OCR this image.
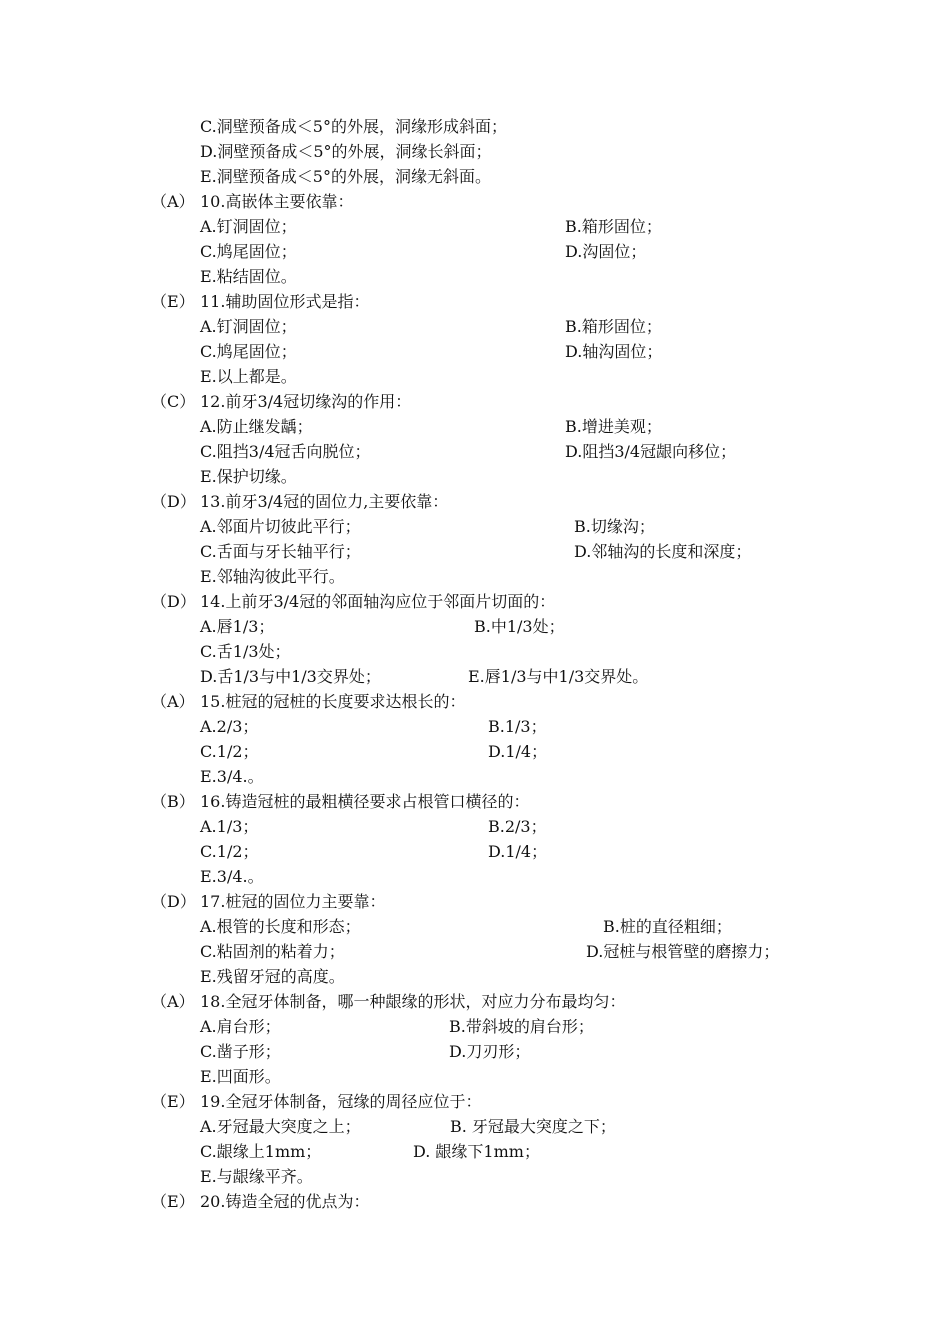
C.洞壁预备成＜5°的外展，洞缘形成斜面；
D.洞壁预备成＜5°的外展，洞缘长斜面；
E.洞壁预备成＜5°的外展，洞缘无斜面。
（A） 10.高嵌体主要依靠：
A.钉洞固位；	B.箱形固位；
C.鸠尾固位；	D.沟固位；
E.粘结固位。
（E） 11.辅助固位形式是指：
A.钉洞固位；	B.箱形固位；
C.鸠尾固位；	D.轴沟固位；
E.以上都是。
（C） 12.前牙3/4冠切缘沟的作用：
A.防止继发龋；	B.增进美观；
C.阻挡3/4冠舌向脱位；	D.阻挡3/4冠龈向移位；
E.保护切缘。
（D） 13.前牙3/4冠的固位力,主要依靠：
A.邻面片切彼此平行；	B.切缘沟；
C.舌面与牙长轴平行；	D.邻轴沟的长度和深度；
E.邻轴沟彼此平行。
（D） 14.上前牙3/4冠的邻面轴沟应位于邻面片切面的：
A.唇1/3；	B.中1/3处；
C.舌1/3处；
D.舌1/3与中1/3交界处；	E.唇1/3与中1/3交界处。
（A） 15.桩冠的冠桩的长度要求达根长的：
A.2/3；	B.1/3；
C.1/2；	D.1/4；
E.3/4.。
（B） 16.铸造冠桩的最粗横径要求占根管口横径的：
A.1/3；	B.2/3；
C.1/2；	D.1/4；
E.3/4.。
（D） 17.桩冠的固位力主要靠：
A.根管的长度和形态；	B.桩的直径粗细；
C.粘固剂的粘着力；	D.冠桩与根管壁的磨擦力；
E.残留牙冠的高度。
（A） 18.全冠牙体制备，哪一种龈缘的形状，对应力分布最均匀：
A.肩台形；	B.带斜坡的肩台形；
C.凿子形；	D.刀刃形；
E.凹面形。
（E） 19.全冠牙体制备，冠缘的周径应位于：
A.牙冠最大突度之上；	B. 牙冠最大突度之下；
C.龈缘上1mm；	D. 龈缘下1mm；
E.与龈缘平齐。
（E） 20.铸造全冠的优点为：
